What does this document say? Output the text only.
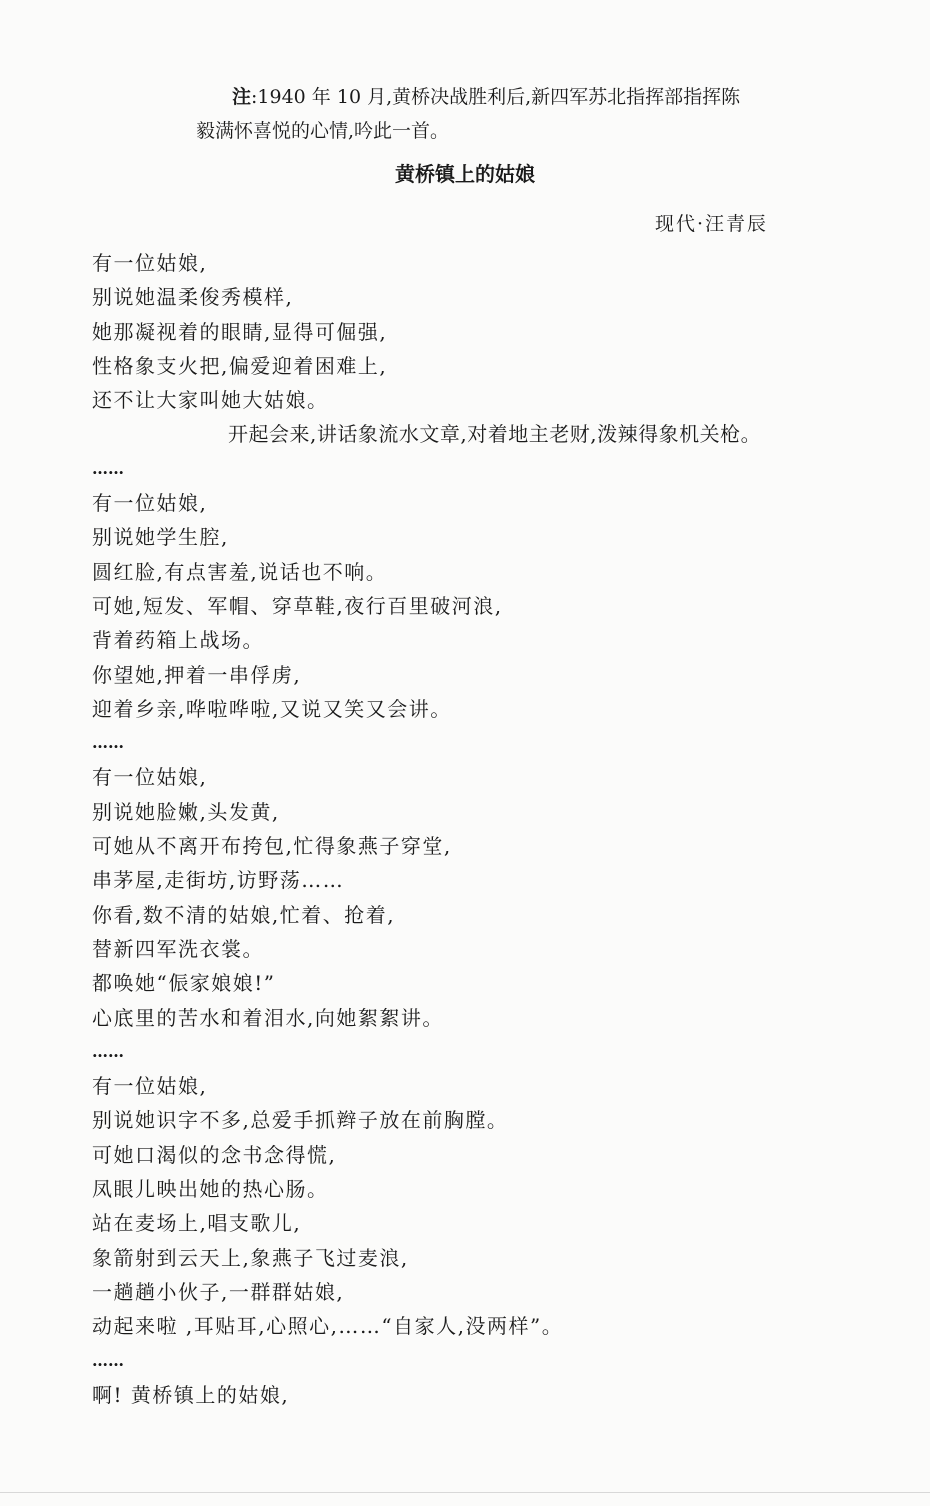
注:1940 年 10 月,黄桥决战胜利后,新四军苏北指挥部指挥陈
毅满怀喜悦的心情,吟此一首。
黄桥镇上的姑娘
现代·汪青辰
有一位姑娘,
别说她温柔俊秀模样,
她那凝视着的眼睛,显得可倔强,
性格象支火把,偏爱迎着困难上,
还不让大家叫她大姑娘。
开起会来,讲话象流水文章,对着地主老财,泼辣得象机关枪。
……
有一位姑娘,
别说她学生腔,
圆红脸,有点害羞,说话也不响。
可她,短发、军帽、穿草鞋,夜行百里破河浪,
背着药箱上战场。
你望她,押着一串俘虏,
迎着乡亲,哗啦哗啦,又说又笑又会讲。
……
有一位姑娘,
别说她脸嫩,头发黄,
可她从不离开布挎包,忙得象燕子穿堂,
串茅屋,走街坊,访野荡……
你看,数不清的姑娘,忙着、抢着,
替新四军洗衣裳。
都唤她“侲家娘娘!”
心底里的苦水和着泪水,向她絮絮讲。
……
有一位姑娘,
别说她识字不多,总爱手抓辫子放在前胸膛。
可她口渴似的念书念得慌,
凤眼儿映出她的热心肠。
站在麦场上,唱支歌儿,
象箭射到云天上,象燕子飞过麦浪,
一趟趟小伙子,一群群姑娘,
动起来啦 ,耳贴耳,心照心,……“自家人,没两样”。
……
啊! 黄桥镇上的姑娘,
